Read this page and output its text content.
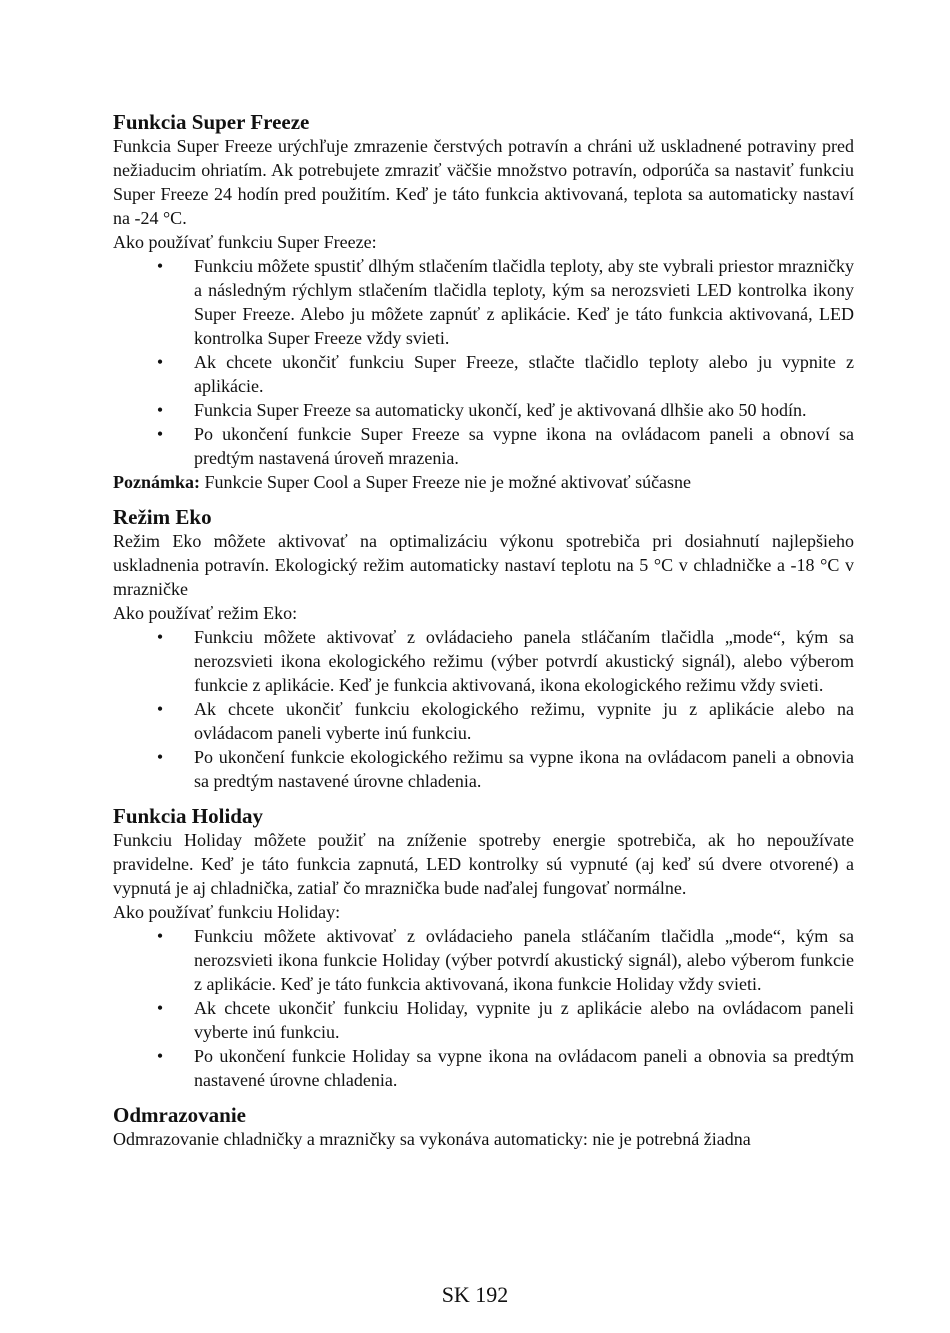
Funkcia Super Freeze

Funkcia Super Freeze urýchľuje zmrazenie čerstvých potravín a chráni už uskladnené potraviny pred nežiaducim ohriatím. Ak potrebujete zmraziť väčšie množstvo potravín, odporúča sa nastaviť funkciu Super Freeze 24 hodín pred použitím. Keď je táto funkcia aktivovaná, teplota sa automaticky nastaví na -24 °C.

Ako používať funkciu Super Freeze:

• Funkciu môžete spustiť dlhým stlačením tlačidla teploty, aby ste vybrali priestor mrazničky a následným rýchlym stlačením tlačidla teploty, kým sa nerozsvieti LED kontrolka ikony Super Freeze. Alebo ju môžete zapnúť z aplikácie. Keď je táto funkcia aktivovaná, LED kontrolka Super Freeze vždy svieti.
• Ak chcete ukončiť funkciu Super Freeze, stlačte tlačidlo teploty alebo ju vypnite z aplikácie.
• Funkcia Super Freeze sa automaticky ukončí, keď je aktivovaná dlhšie ako 50 hodín.
• Po ukončení funkcie Super Freeze sa vypne ikona na ovládacom paneli a obnoví sa predtým nastavená úroveň mrazenia.

Poznámka: Funkcie Super Cool a Super Freeze nie je možné aktivovať súčasne

Režim Eko

Režim Eko môžete aktivovať na optimalizáciu výkonu spotrebiča pri dosiahnutí najlepšieho uskladnenia potravín. Ekologický režim automaticky nastaví teplotu na 5 °C v chladničke a -18 °C v mrazničke

Ako používať režim Eko:

• Funkciu môžete aktivovať z ovládacieho panela stláčaním tlačidla „mode“, kým sa nerozsvieti ikona ekologického režimu (výber potvrdí akustický signál), alebo výberom funkcie z aplikácie. Keď je funkcia aktivovaná, ikona ekologického režimu vždy svieti.
• Ak chcete ukončiť funkciu ekologického režimu, vypnite ju z aplikácie alebo na ovládacom paneli vyberte inú funkciu.
• Po ukončení funkcie ekologického režimu sa vypne ikona na ovládacom paneli a obnovia sa predtým nastavené úrovne chladenia.

Funkcia Holiday

Funkciu Holiday môžete použiť na zníženie spotreby energie spotrebiča, ak ho nepoužívate pravidelne. Keď je táto funkcia zapnutá, LED kontrolky sú vypnuté (aj keď sú dvere otvorené) a vypnutá je aj chladnička, zatiaľ čo mraznička bude naďalej fungovať normálne.

Ako používať funkciu Holiday:

• Funkciu môžete aktivovať z ovládacieho panela stláčaním tlačidla „mode“, kým sa nerozsvieti ikona funkcie Holiday (výber potvrdí akustický signál), alebo výberom funkcie z aplikácie. Keď je táto funkcia aktivovaná, ikona funkcie Holiday vždy svieti.
• Ak chcete ukončiť funkciu Holiday, vypnite ju z aplikácie alebo na ovládacom paneli vyberte inú funkciu.
• Po ukončení funkcie Holiday sa vypne ikona na ovládacom paneli a obnovia sa predtým nastavené úrovne chladenia.

Odmrazovanie

Odmrazovanie chladničky a mrazničky sa vykonáva automaticky: nie je potrebná žiadna

SK 192
